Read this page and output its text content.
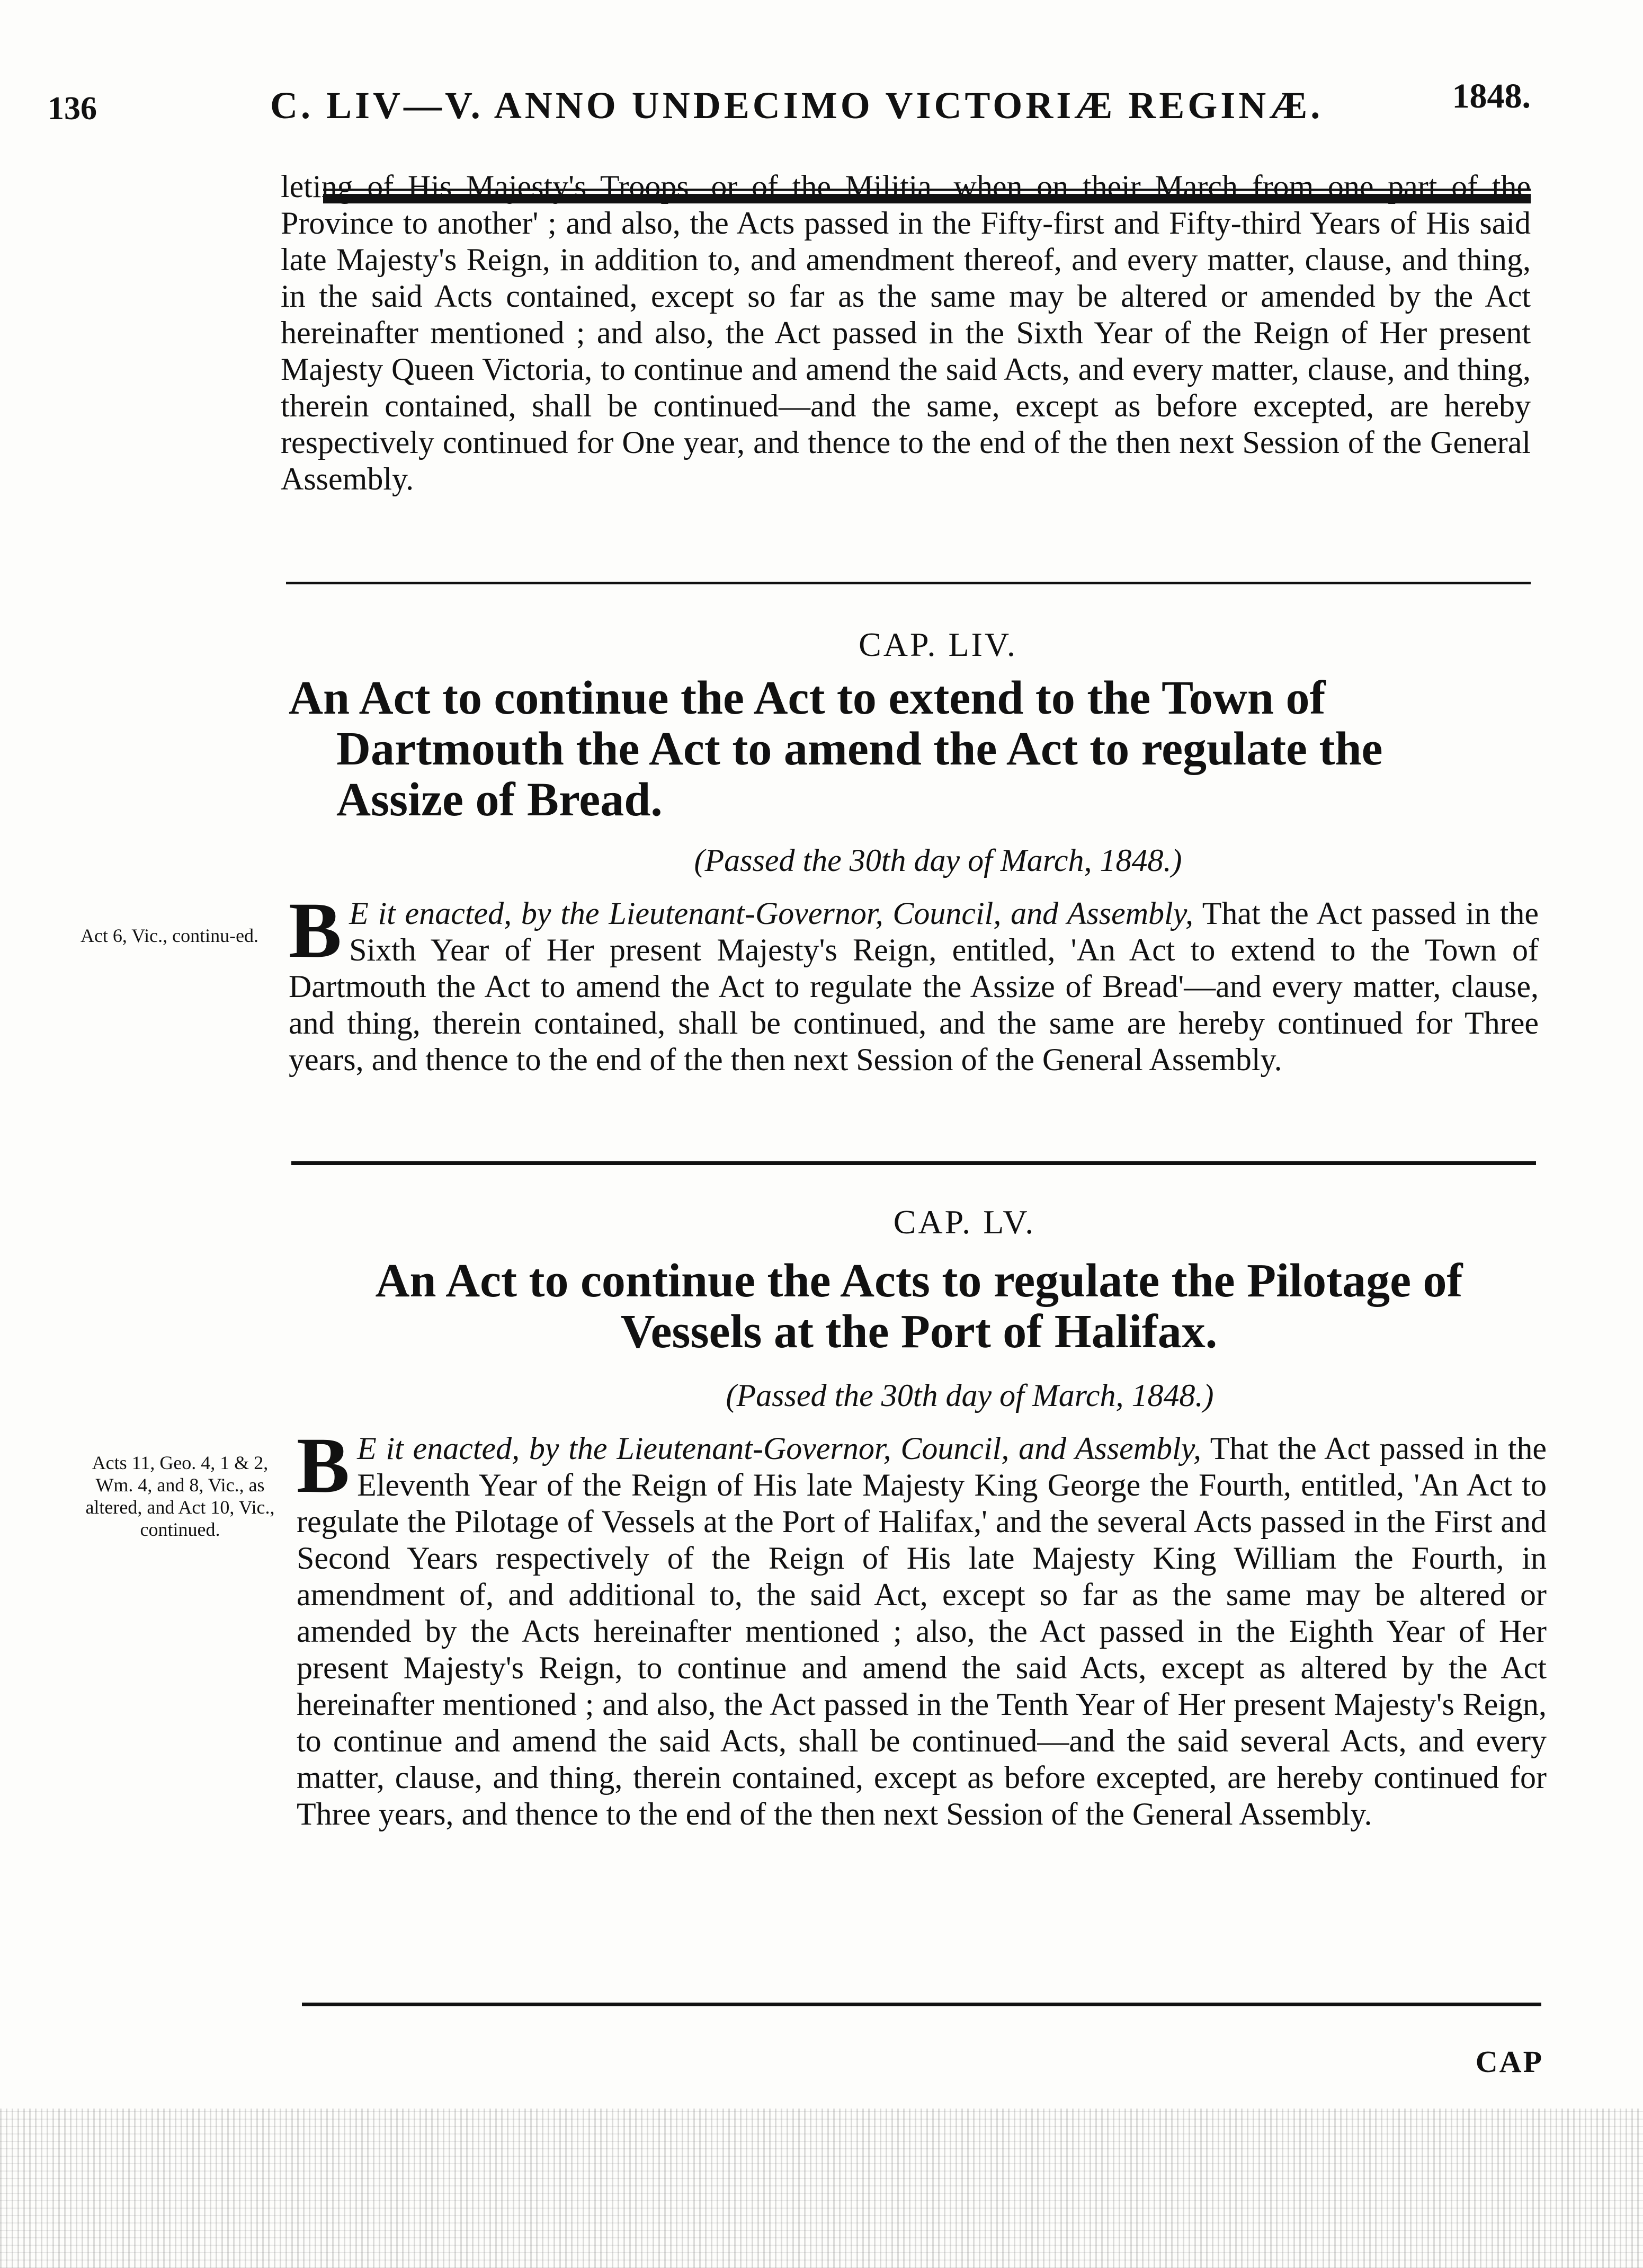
136	C. LIV—V. ANNO UNDECIMO VICTORIÆ REGINÆ.	1848.
leting of His Majesty's Troops, or of the Militia, when on their March from one part of the Province to another' ; and also, the Acts passed in the Fifty-first and Fifty-third Years of His said late Majesty's Reign, in addition to, and amendment thereof, and every matter, clause, and thing, in the said Acts contained, except so far as the same may be altered or amended by the Act hereinafter mentioned ; and also, the Act passed in the Sixth Year of the Reign of Her present Majesty Queen Victoria, to continue and amend the said Acts, and every matter, clause, and thing, therein contained, shall be continued—and the same, except as before excepted, are hereby respectively continued for One year, and thence to the end of the then next Session of the General Assembly.
CAP. LIV.
An Act to continue the Act to extend to the Town of
Dartmouth the Act to amend the Act to regulate the
Assize of Bread.
(Passed the 30th day of March, 1848.)
Act 6, Vic., continu-ed. B E it enacted, by the Lieutenant-Governor, Council, and Assembly, That the Act passed in the Sixth Year of Her present Majesty's Reign, entitled, 'An Act to extend to the Town of Dartmouth the Act to amend the Act to regulate the Assize of Bread'—and every matter, clause, and thing, therein contained, shall be continued, and the same are hereby continued for Three years, and thence to the end of the then next Session of the General Assembly.
CAP. LV.
An Act to continue the Acts to regulate the Pilotage of
Vessels at the Port of Halifax.
(Passed the 30th day of March, 1848.)
Acts 11, Geo. 4, 1 & 2, Wm. 4, and 8, Vic., as altered, and Act 10, Vic., continued.
B E it enacted, by the Lieutenant-Governor, Council, and Assembly, That the Act passed in the Eleventh Year of the Reign of His late Majesty King George the Fourth, entitled, 'An Act to regulate the Pilotage of Vessels at the Port of Halifax,' and the several Acts passed in the First and Second Years respectively of the Reign of His late Majesty King William the Fourth, in amendment of, and additional to, the said Act, except so far as the same may be altered or amended by the Acts hereinafter mentioned ; also, the Act passed in the Eighth Year of Her present Majesty's Reign, to continue and amend the said Acts, except as altered by the Act hereinafter mentioned ; and also, the Act passed in the Tenth Year of Her present Majesty's Reign, to continue and amend the said Acts, shall be continued—and the said several Acts, and every matter, clause, and thing, therein contained, except as before excepted, are hereby continued for Three years, and thence to the end of the then next Session of the General Assembly.
CAP
